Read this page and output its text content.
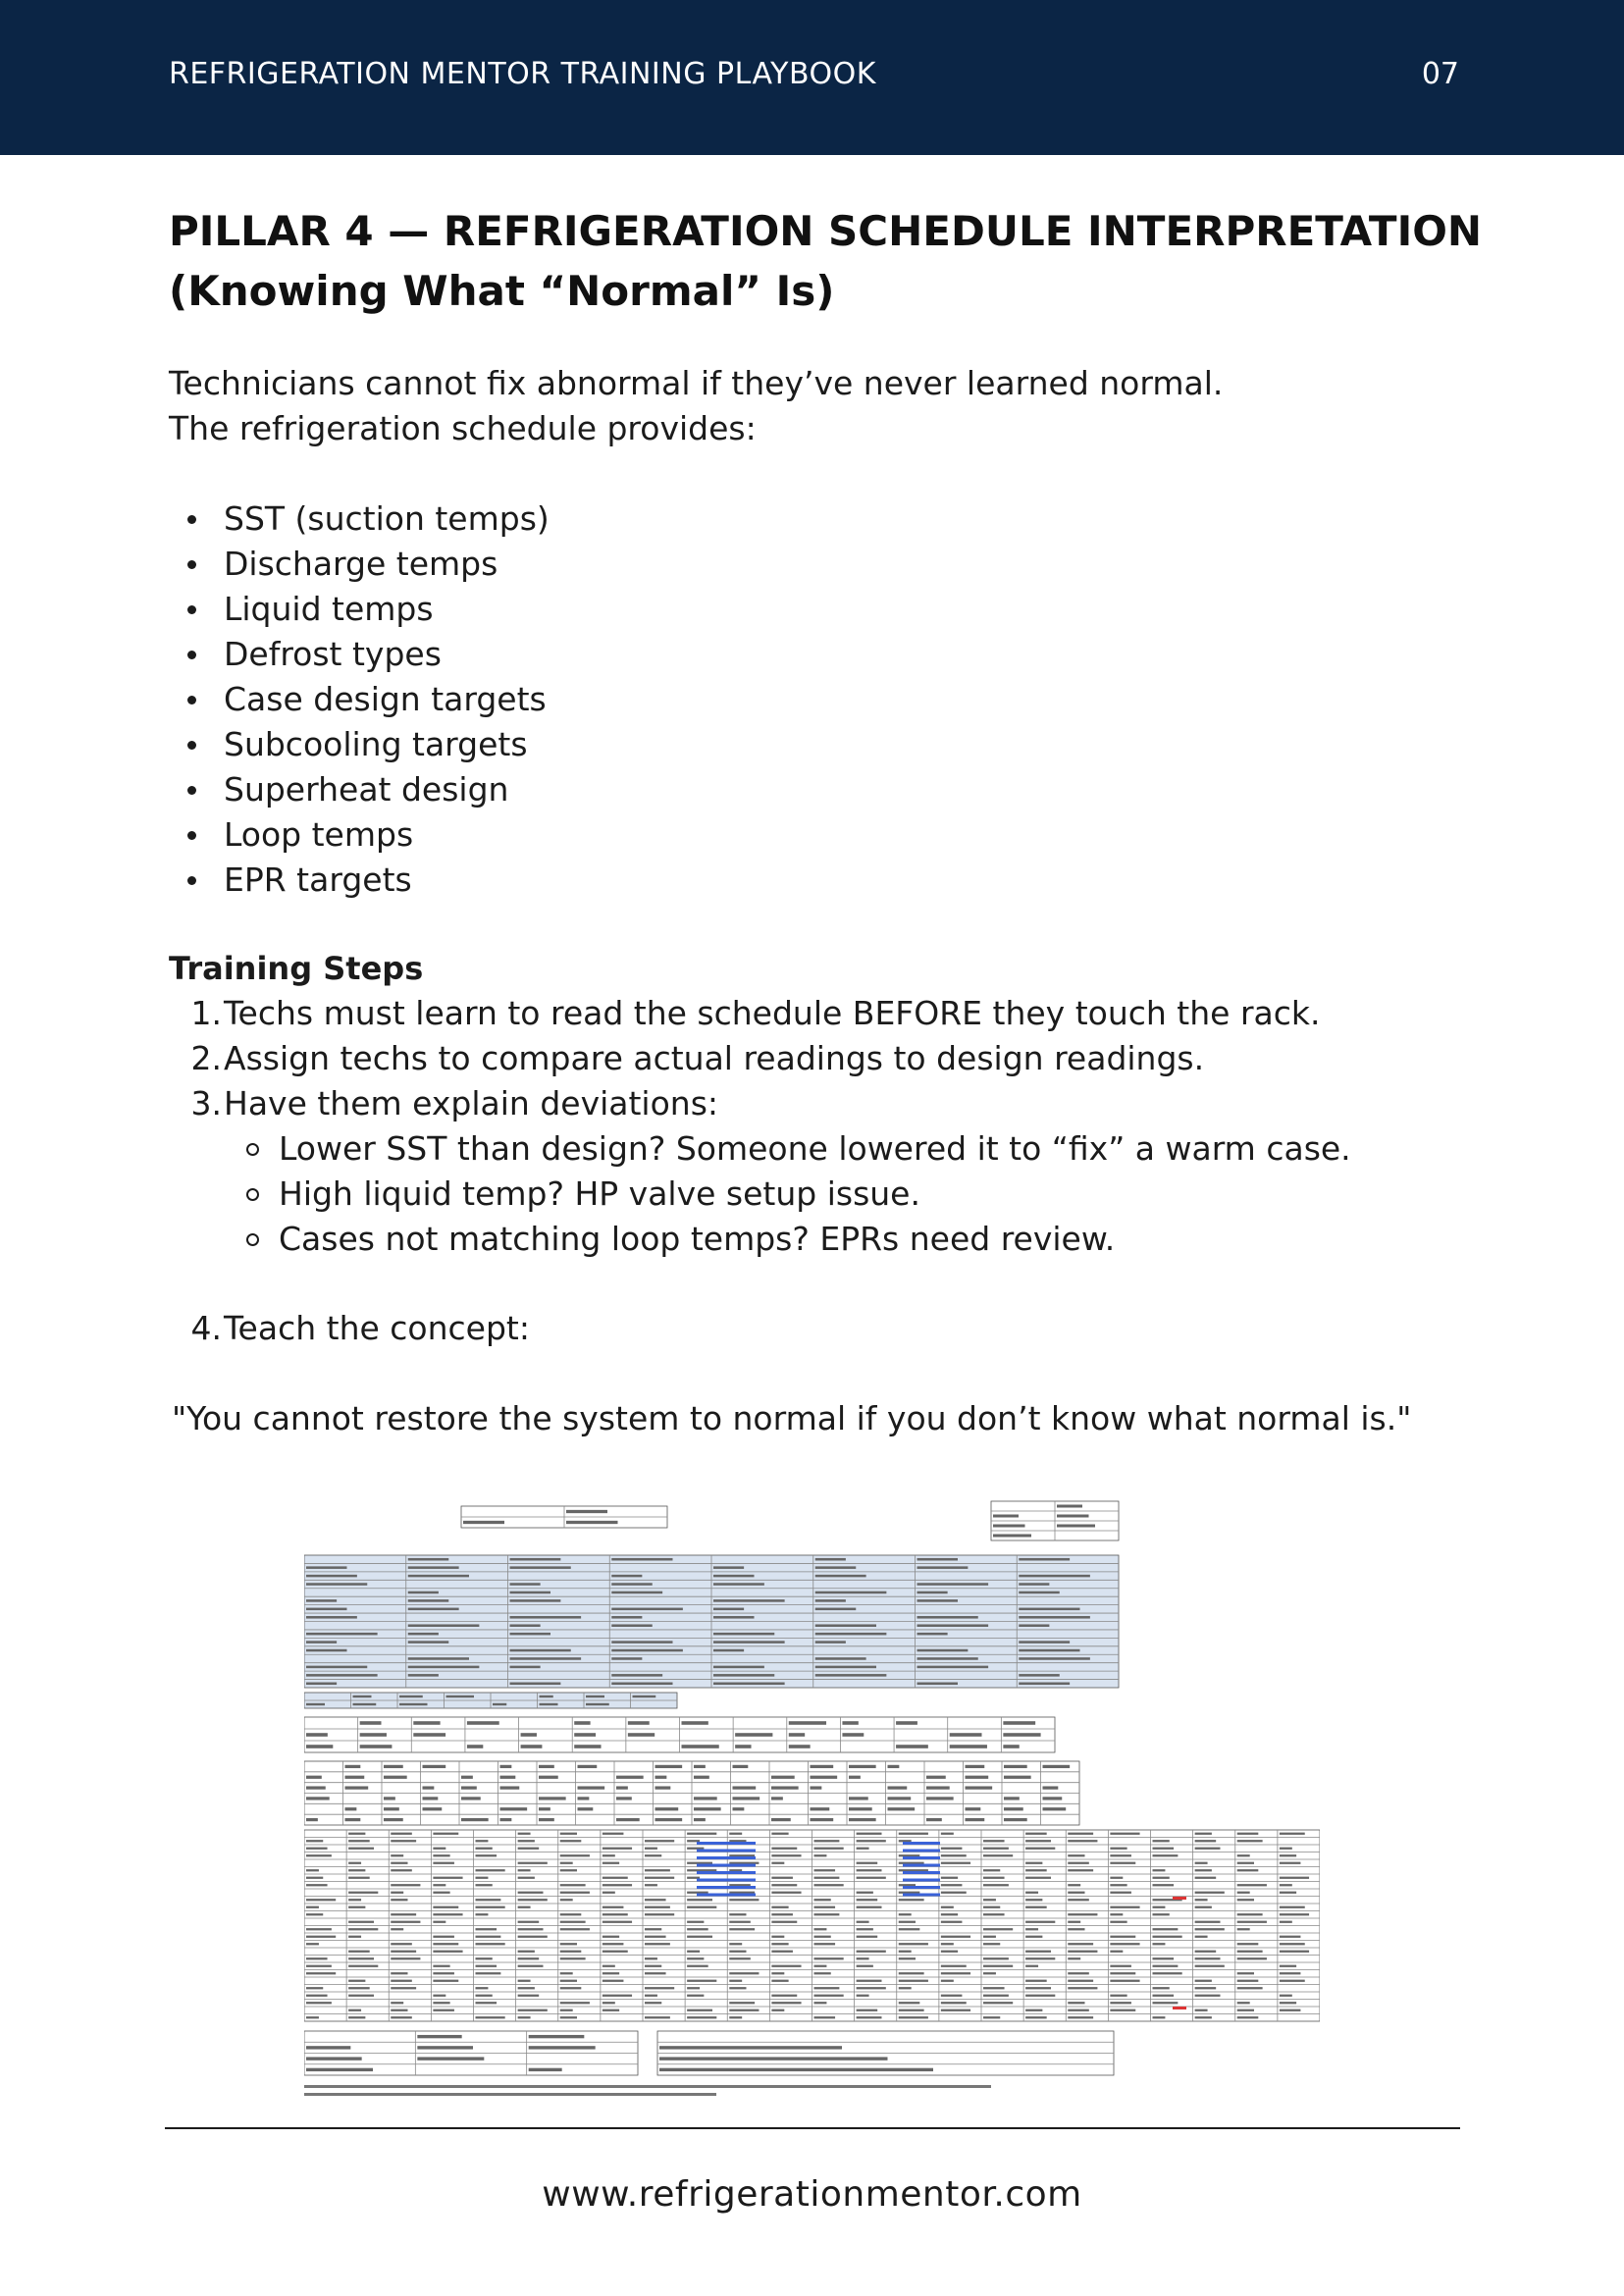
REFRIGERATION MENTOR TRAINING PLAYBOOK	07
PILLAR 4 — REFRIGERATION SCHEDULE INTERPRETATION
(Knowing What “Normal” Is)
Technicians cannot fix abnormal if they’ve never learned normal.
The refrigeration schedule provides:
SST (suction temps)
Discharge temps
Liquid temps
Defrost types
Case design targets
Subcooling targets
Superheat design
Loop temps
EPR targets
Training Steps
1. Techs must learn to read the schedule BEFORE they touch the rack.
2. Assign techs to compare actual readings to design readings.
3. Have them explain deviations:
Lower SST than design? Someone lowered it to “fix” a warm case.
High liquid temp? HP valve setup issue.
Cases not matching loop temps? EPRs need review.
4. Teach the concept:
"You cannot restore the system to normal if you don’t know what normal is."
www.refrigerationmentor.com
